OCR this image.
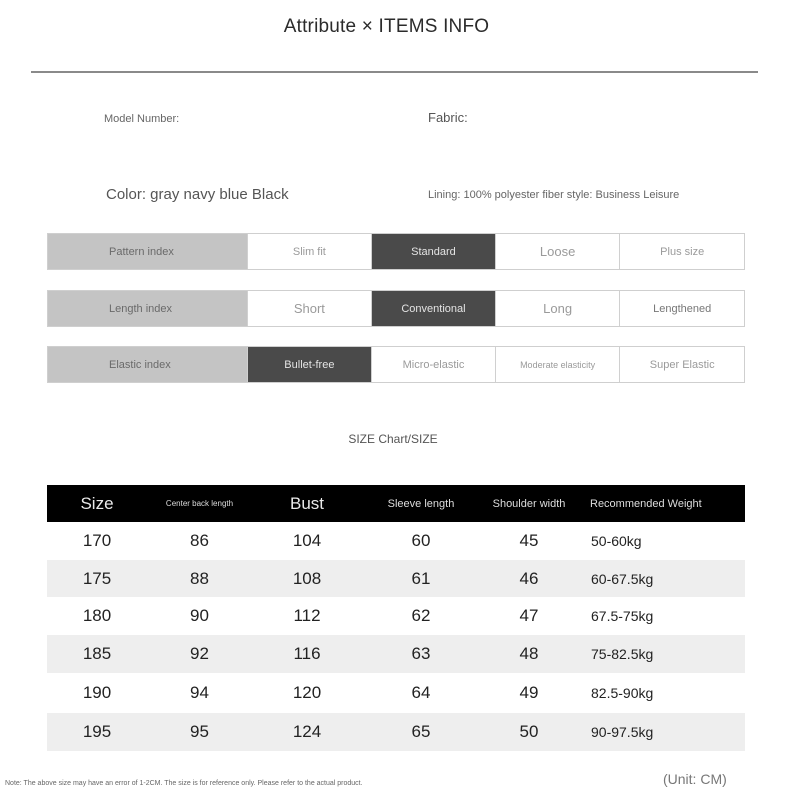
Attribute × ITEMS INFO
Model Number:	Fabric:
Color: gray navy blue Black	Lining: 100% polyester fiber style: Business Leisure
Pattern index	Slim fit	Standard	Loose	Plus size
Length index	Short	Conventional	Long	Lengthened
Elastic index	Bullet-free	Micro-elastic	Moderate elasticity	Super Elastic
SIZE Chart/SIZE
Size	Center back length	Bust	Sleeve length	Shoulder width	Recommended Weight
170	86	104	60	45	50-60kg
175	88	108	61	46	60-67.5kg
180	90	112	62	47	67.5-75kg
185	92	116	63	48	75-82.5kg
190	94	120	64	49	82.5-90kg
195	95	124	65	50	90-97.5kg
Note: The above size may have an error of 1-2CM. The size is for reference only. Please refer to the actual product.	(Unit: CM)
